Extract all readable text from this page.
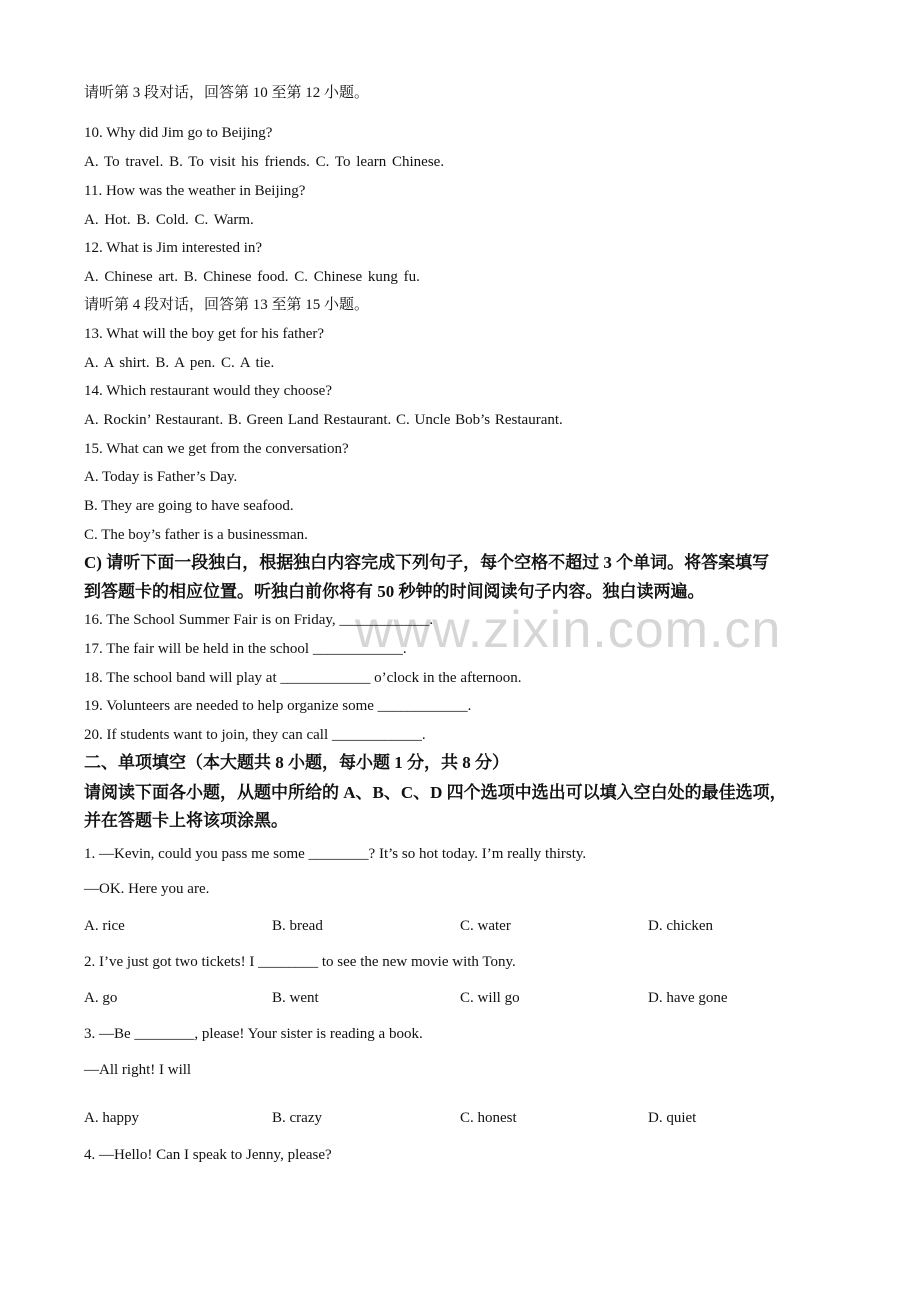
www.zixin.com.cn
请听第 3 段对话，回答第 10 至第 12 小题。
10. Why did Jim go to Beijing?
A. To travel. B. To visit his friends. C. To learn Chinese.
11. How was the weather in Beijing?
A. Hot. B. Cold. C. Warm.
12. What is Jim interested in?
A. Chinese art. B. Chinese food. C. Chinese kung fu.
请听第 4 段对话，回答第 13 至第 15 小题。
13. What will the boy get for his father?
A. A shirt. B. A pen. C. A tie.
14. Which restaurant would they choose?
A. Rockin’ Restaurant. B. Green Land Restaurant. C. Uncle Bob’s Restaurant.
15. What can we get from the conversation?
A. Today is Father’s Day.
B. They are going to have seafood.
C. The boy’s father is a businessman.
C) 请听下面一段独白，根据独白内容完成下列句子，每个空格不超过 3 个单词。将答案填写
到答题卡的相应位置。听独白前你将有 50 秒钟的时间阅读句子内容。独白读两遍。
16. The School Summer Fair is on Friday, ____________.
17. The fair will be held in the school ____________.
18. The school band will play at ____________ o’clock in the afternoon.
19. Volunteers are needed to help organize some ____________.
20. If students want to join, they can call ____________.
二、单项填空（本大题共 8 小题，每小题 1 分，共 8 分）
请阅读下面各小题，从题中所给的 A、B、C、D 四个选项中选出可以填入空白处的最佳选项，
并在答题卡上将该项涂黑。
1. —Kevin, could you pass me some ________? It’s so hot today. I’m really thirsty.
—OK. Here you are.
A. rice	B. bread	C. water	D. chicken
2. I’ve just got two tickets! I ________ to see the new movie with Tony.
A. go	B. went	C. will go	D. have gone
3. —Be ________, please! Your sister is reading a book.
—All right! I will
A. happy	B. crazy	C. honest	D. quiet
4. —Hello! Can I speak to Jenny, please?
